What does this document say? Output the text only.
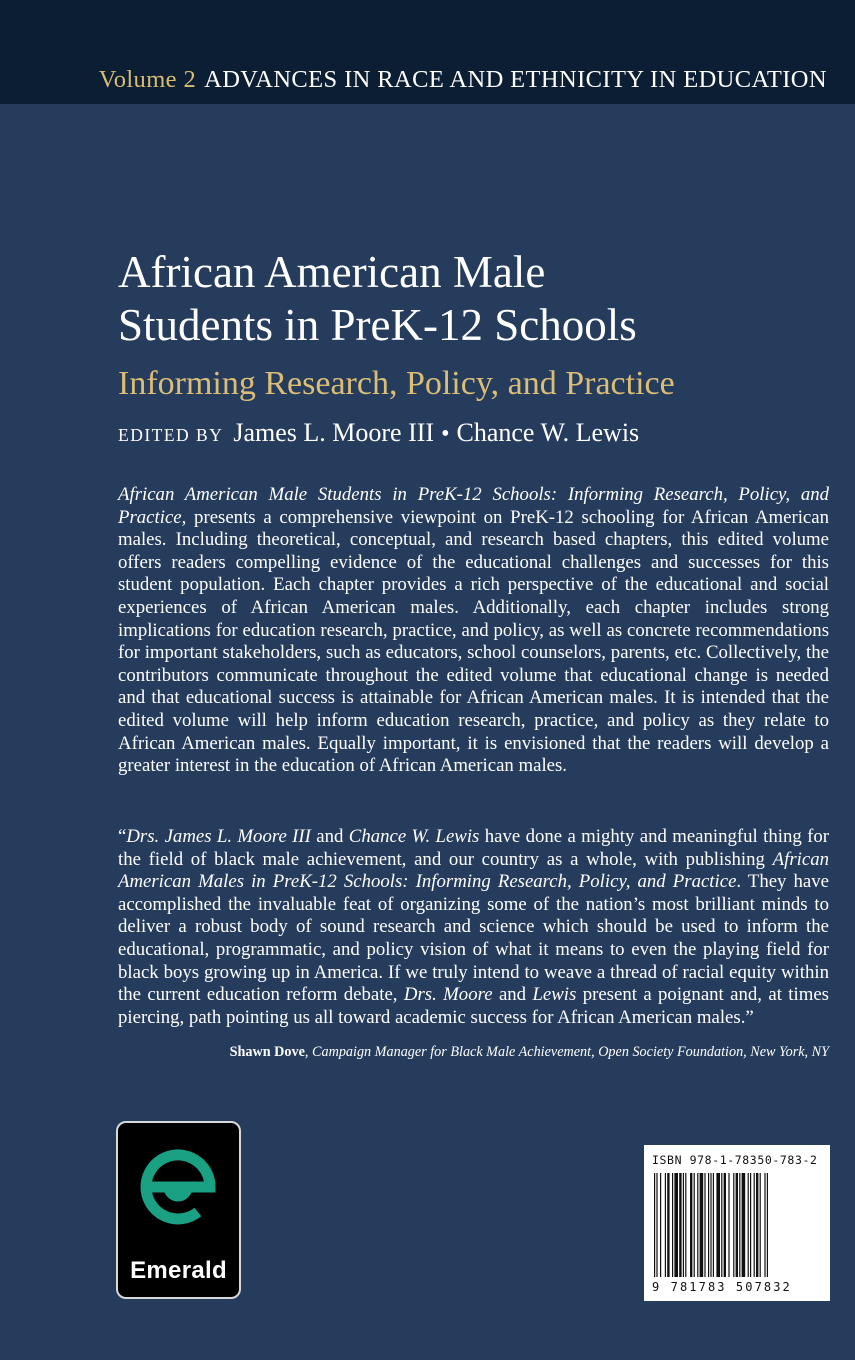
Volume 2 ADVANCES IN RACE AND ETHNICITY IN EDUCATION
African American Male
Students in PreK-12 Schools
Informing Research, Policy, and Practice
EDITED BY James L. Moore III • Chance W. Lewis

African American Male Students in PreK-12 Schools: Informing Research, Policy, and Practice, presents a comprehensive viewpoint on PreK-12 schooling for African American males. Including theoretical, conceptual, and research based chapters, this edited volume offers readers compelling evidence of the educational challenges and successes for this student population. Each chapter provides a rich perspective of the educational and social experiences of African American males. Additionally, each chapter includes strong implications for education research, practice, and policy, as well as concrete recommendations for important stakeholders, such as educators, school counselors, parents, etc. Collectively, the contributors communicate throughout the edited volume that educational change is needed and that educational success is attainable for African American males. It is intended that the edited volume will help inform education research, practice, and policy as they relate to African American males. Equally important, it is envisioned that the readers will develop a greater interest in the education of African American males.

“Drs. James L. Moore III and Chance W. Lewis have done a mighty and meaningful thing for the field of black male achievement, and our country as a whole, with publishing African American Males in PreK-12 Schools: Informing Research, Policy, and Practice. They have accomplished the invaluable feat of organizing some of the nation’s most brilliant minds to deliver a robust body of sound research and science which should be used to inform the educational, programmatic, and policy vision of what it means to even the playing field for black boys growing up in America. If we truly intend to weave a thread of racial equity within the current education reform debate, Drs. Moore and Lewis present a poignant and, at times piercing, path pointing us all toward academic success for African American males.”

Shawn Dove, Campaign Manager for Black Male Achievement, Open Society Foundation, New York, NY
Emerald
ISBN 978-1-78350-783-2
9 781783 507832
